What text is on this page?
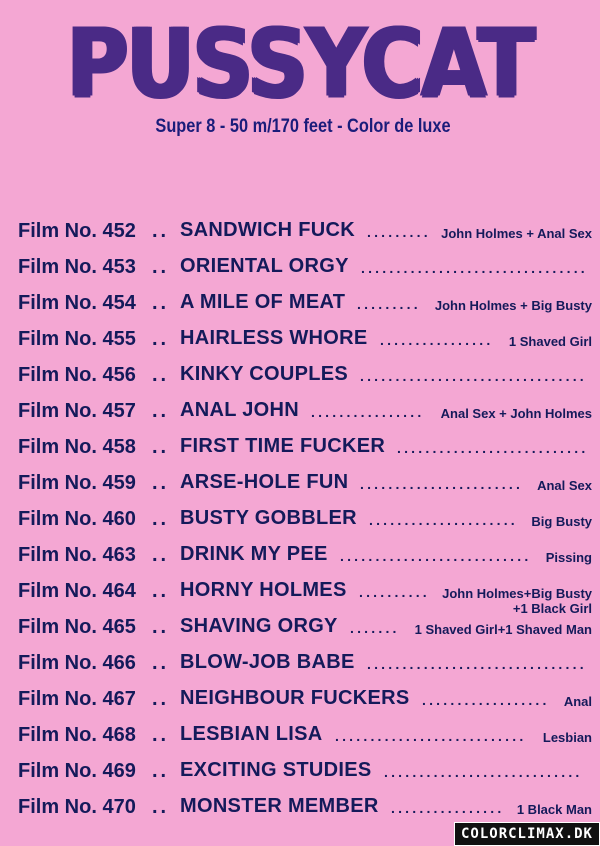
PUSSYCAT
Super 8 - 50 m/170 feet - Color de luxe
Film No. 452 .. SANDWICH FUCK ......... John Holmes + Anal Sex
Film No. 453 .. ORIENTAL ORGY ................................
Film No. 454 .. A MILE OF MEAT .........	John Holmes + Big Busty
Film No. 455 .. HAIRLESS WHORE ................	1 Shaved Girl
Film No. 456 .. KINKY COUPLES ................................
Film No. 457 .. ANAL JOHN ................	Anal Sex + John Holmes
Film No. 458 .. FIRST TIME FUCKER ...........................
Film No. 459 .. ARSE-HOLE FUN .......................	Anal Sex
Film No. 460 .. BUSTY GOBBLER .....................	Big Busty
Film No. 463 .. DRINK MY PEE ...........................	Pissing
Film No. 464 .. HORNY HOLMES .......... John Holmes+Big Busty
+1 Black Girl
Film No. 465 .. SHAVING ORGY .......	1 Shaved Girl+1 Shaved Man
Film No. 466 .. BLOW-JOB BABE ...............................
Film No. 467 .. NEIGHBOUR FUCKERS ..................	Anal
Film No. 468 .. LESBIAN LISA ...........................	Lesbian
Film No. 469 .. EXCITING STUDIES ............................
Film No. 470 .. MONSTER MEMBER ................ 1 Black Man
COLORCLIMAX.DK
